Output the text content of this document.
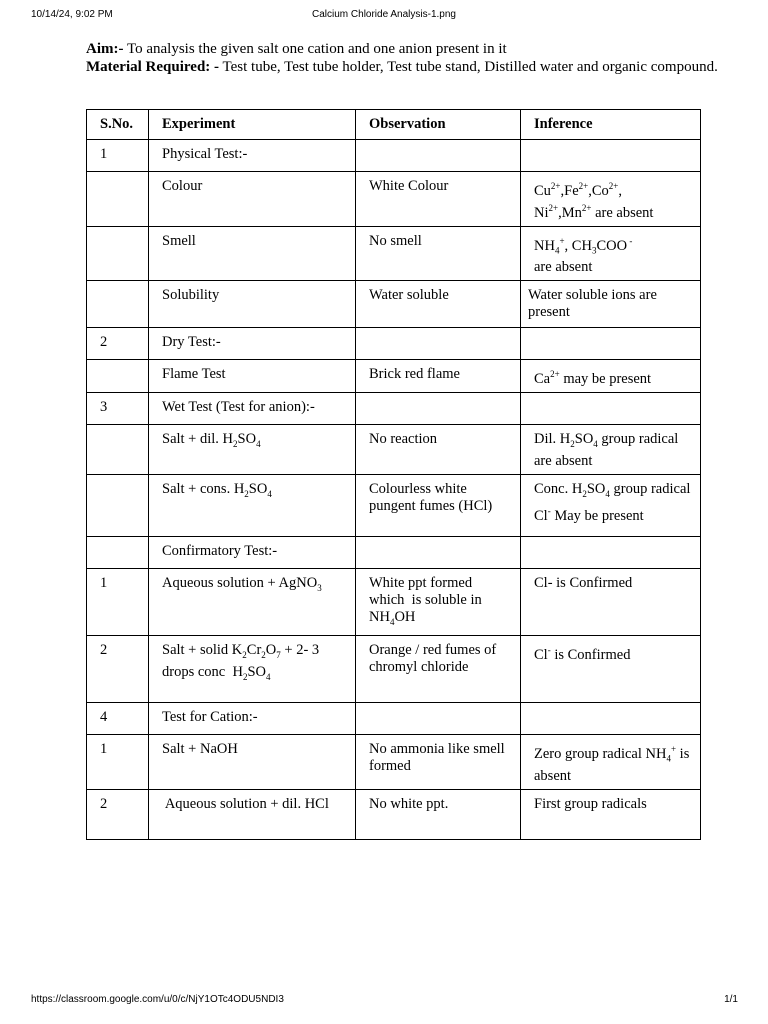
10/14/24, 9:02 PM	Calcium Chloride Analysis-1.png

Aim:- To analysis the given salt one cation and one anion present in it

Material Required: - Test tube, Test tube holder, Test tube stand, Distilled water and organic compound.

S.No.	Experiment	Observation	Inference
1	Physical Test:-		
	Colour	White Colour	$Cu^{2+},Fe^{2+},Co^{2+}$,
$Ni^{2+},Mn^{2+}$ are absent
	Smell	No smell	$NH_4^+$, $CH_3COO$ -
are absent
	Solubility	Water soluble	Water soluble ions are present
2	Dry Test:-		
	Flame Test	Brick red flame	$Ca^{2+}$ may be present
3	Wet Test (Test for anion):-		
	Salt + dil. $H_2SO_4$	No reaction	Dil. $H_2SO_4$ group radical are absent
	Salt + cons. $H_2SO_4$	Colourless white pungent fumes (HCl)	Conc. $H_2SO_4$ group radical Cl- May be present
	Confirmatory Test:-		
1	Aqueous solution + AgNO$_3$	White ppt formed which  is soluble in $NH_4OH$	Cl- is Confirmed
2	Salt + solid $K_2Cr_2O_7 + 2-$ 3 drops conc  $H_2SO_4$	Orange / red fumes of chromyl chloride	Cl- is Confirmed
4	Test for Cation:-		
1	Salt + NaOH	No ammonia like smell formed	Zero group radical $NH_4^+$ is absent
2	Aqueous solution + dil. HCl	No white ppt.	First group radicals
https://classroom.google.com/u/0/c/NjY1OTc4ODU5NDI3	1/1
